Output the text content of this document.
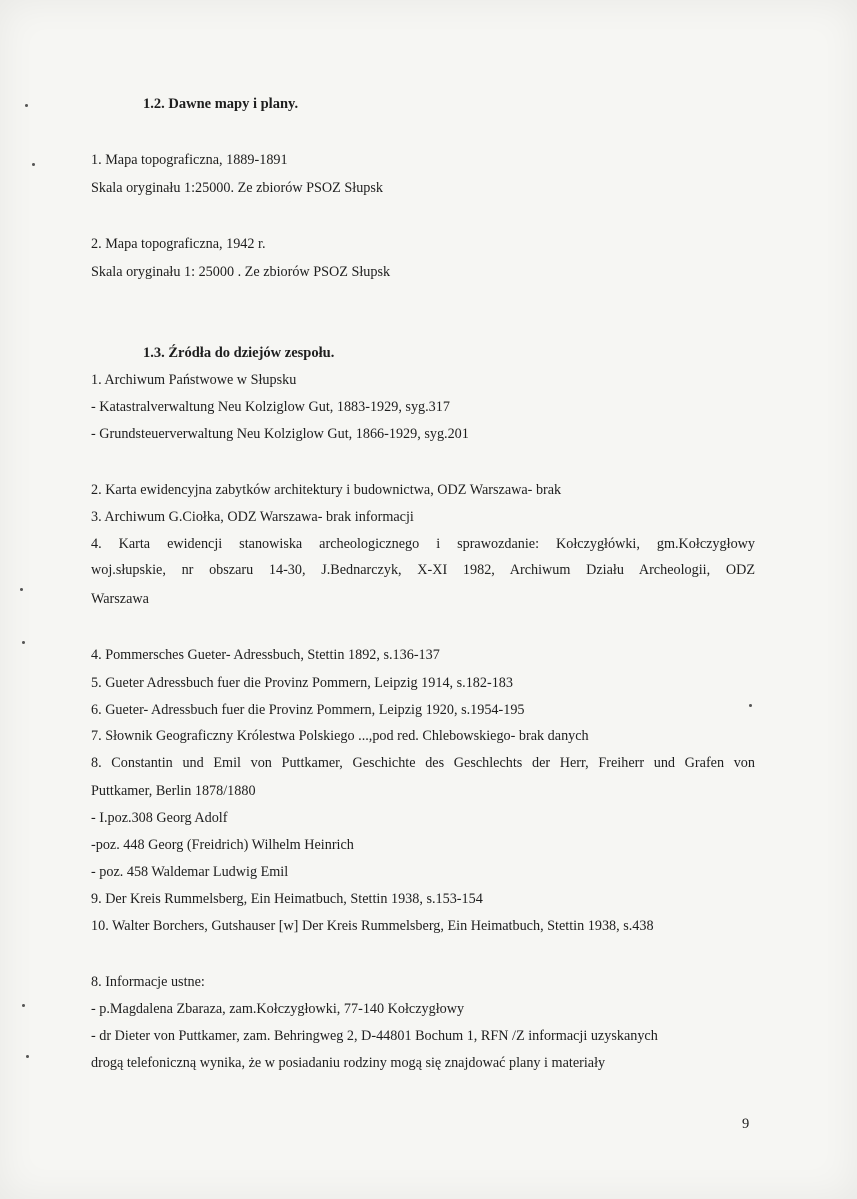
1.2. Dawne mapy i plany.
1. Mapa topograficzna, 1889-1891
Skala oryginału 1:25000. Ze zbiorów PSOZ Słupsk
2. Mapa topograficzna, 1942 r.
Skala oryginału 1: 25000 . Ze zbiorów PSOZ Słupsk
1.3. Źródła do dziejów zespołu.
1. Archiwum Państwowe w Słupsku
- Katastralverwaltung Neu Kolziglow Gut, 1883-1929, syg.317
- Grundsteuerverwaltung Neu Kolziglow Gut, 1866-1929, syg.201
2. Karta ewidencyjna zabytków architektury i budownictwa, ODZ Warszawa- brak
3. Archiwum G.Ciołka, ODZ Warszawa- brak informacji
4. Karta ewidencji stanowiska archeologicznego i sprawozdanie: Kołczygłówki, gm.Kołczygłowy
woj.słupskie, nr obszaru 14-30, J.Bednarczyk, X-XI 1982, Archiwum Działu Archeologii, ODZ
Warszawa
4. Pommersches Gueter- Adressbuch, Stettin 1892, s.136-137
5. Gueter Adressbuch fuer die Provinz Pommern, Leipzig 1914, s.182-183
6. Gueter- Adressbuch fuer die Provinz Pommern, Leipzig 1920, s.1954-195
7. Słownik Geograficzny Królestwa Polskiego ...,pod red. Chlebowskiego- brak danych
8. Constantin und Emil von Puttkamer, Geschichte des Geschlechts der Herr, Freiherr und Grafen von
Puttkamer, Berlin 1878/1880
- I.poz.308 Georg Adolf
-poz. 448 Georg (Freidrich) Wilhelm Heinrich
- poz. 458 Waldemar Ludwig Emil
9. Der Kreis Rummelsberg, Ein Heimatbuch, Stettin 1938, s.153-154
10. Walter Borchers, Gutshauser [w] Der Kreis Rummelsberg, Ein Heimatbuch, Stettin 1938, s.438
8. Informacje ustne:
- p.Magdalena Zbaraza, zam.Kołczygłowki, 77-140 Kołczygłowy
- dr Dieter von Puttkamer, zam. Behringweg 2, D-44801 Bochum 1, RFN /Z informacji uzyskanych
drogą telefoniczną wynika, że w posiadaniu rodziny mogą się znajdować plany i materiały
9
